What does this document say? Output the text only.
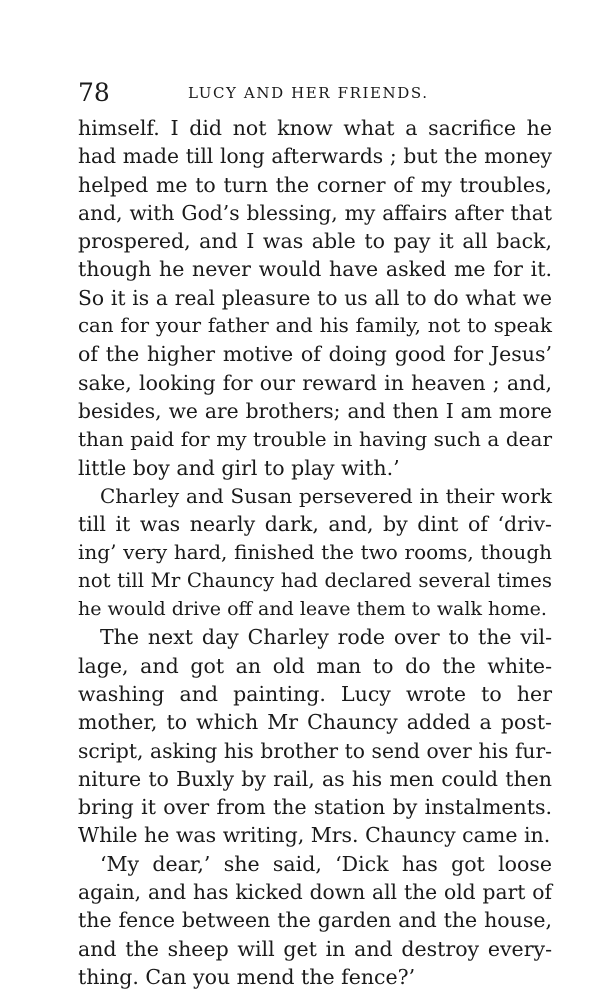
78	LUCY AND HER FRIENDS.
himself. I did not know what a sacrifice he
had made till long afterwards ; but the money
helped me to turn the corner of my troubles,
and, with God’s blessing, my affairs after that
prospered, and I was able to pay it all back,
though he never would have asked me for it.
So it is a real pleasure to us all to do what we
can for your father and his family, not to speak
of the higher motive of doing good for Jesus’
sake, looking for our reward in heaven ; and,
besides, we are brothers; and then I am more
than paid for my trouble in having such a dear
little boy and girl to play with.’
Charley and Susan persevered in their work
till it was nearly dark, and, by dint of ‘driv-
ing’ very hard, finished the two rooms, though
not till Mr Chauncy had declared several times
he would drive off and leave them to walk home.
The next day Charley rode over to the vil-
lage, and got an old man to do the white-
washing and painting. Lucy wrote to her
mother, to which Mr Chauncy added a post-
script, asking his brother to send over his fur-
niture to Buxly by rail, as his men could then
bring it over from the station by instalments.
While he was writing, Mrs. Chauncy came in.
‘My dear,’ she said, ‘Dick has got loose
again, and has kicked down all the old part of
the fence between the garden and the house,
and the sheep will get in and destroy every-
thing. Can you mend the fence?’
